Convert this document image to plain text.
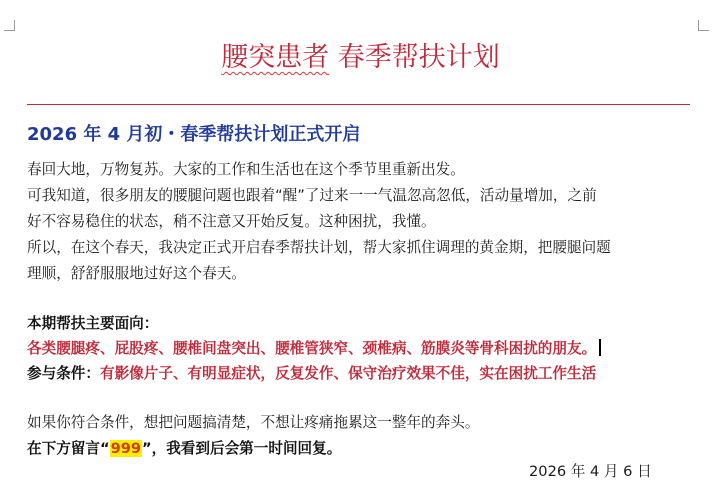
腰突患者 春季帮扶计划
2026 年 4 月初・春季帮扶计划正式开启
春回大地，万物复苏。大家的工作和生活也在这个季节里重新出发。
可我知道，很多朋友的腰腿问题也跟着“醒”了过来一一气温忽高忽低，活动量增加，之前
好不容易稳住的状态，稍不注意又开始反复。这种困扰，我懂。
所以，在这个春天，我决定正式开启春季帮扶计划，帮大家抓住调理的黄金期，把腰腿问题
理顺，舒舒服服地过好这个春天。
本期帮扶主要面向：
各类腰腿疼、屁股疼、腰椎间盘突出、腰椎管狭窄、颈椎病、筋膜炎等骨科困扰的朋友。
参与条件：有影像片子、有明显症状，反复发作、保守治疗效果不佳，实在困扰工作生活
如果你符合条件，想把问题搞清楚，不想让疼痛拖累这一整年的奔头。
在下方留言“999”，我看到后会第一时间回复。
2026 年 4 月 6 日
